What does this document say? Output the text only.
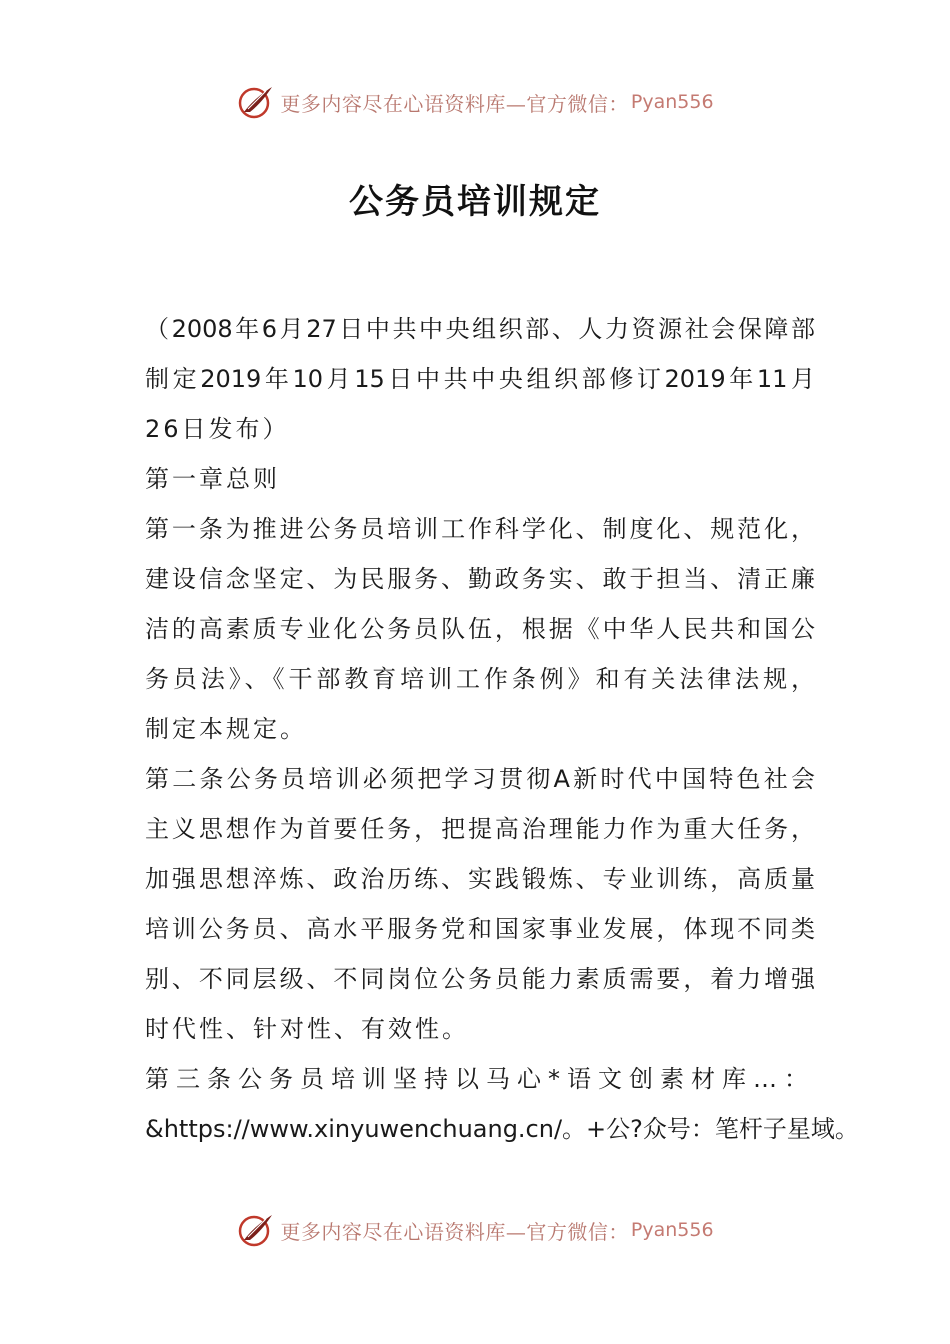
更多内容尽在心语资料库—官方微信： Pyan556
公务员培训规定
（2008年6月27日中共中央组织部、人力资源社会保障部
制定2019年10月15日中共中央组织部修订2019年11月
26日发布）
第一章总则
第一条为推进公务员培训工作科学化、制度化、规范化，
建设信念坚定、为民服务、勤政务实、敢于担当、清正廉
洁的高素质专业化公务员队伍，根据《中华人民共和国公
务员法》、《干部教育培训工作条例》和有关法律法规，
制定本规定。
第二条公务员培训必须把学习贯彻A新时代中国特色社会
主义思想作为首要任务，把提高治理能力作为重大任务，
加强思想淬炼、政治历练、实践锻炼、专业训练，高质量
培训公务员、高水平服务党和国家事业发展，体现不同类
别、不同层级、不同岗位公务员能力素质需要，着力增强
时代性、针对性、有效性。
第三条公务员培训坚持以马心*语文创素材库…：
&https://www.xinyuwenchuang.cn/。+公?众号：笔杆子星域。
更多内容尽在心语资料库—官方微信： Pyan556
